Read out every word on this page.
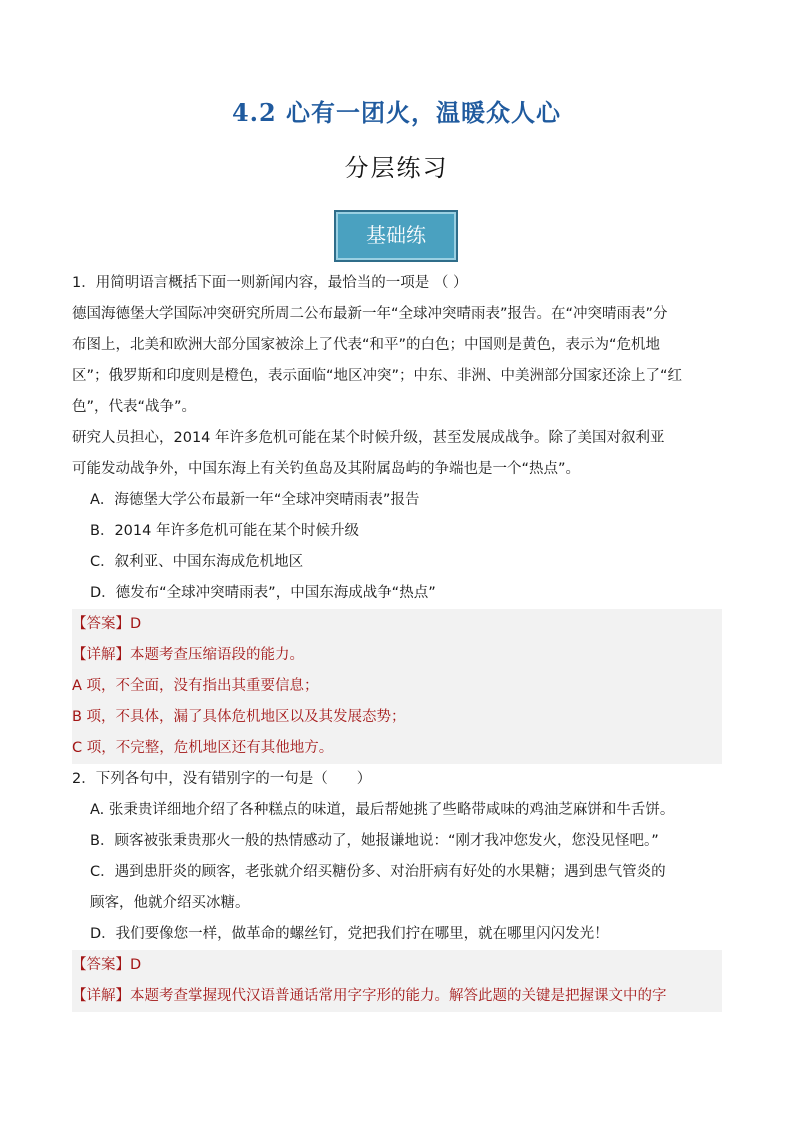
4.2 心有一团火，温暖众人心
分层练习
基础练
1．用简明语言概括下面一则新闻内容，最恰当的一项是 （ ）
德国海德堡大学国际冲突研究所周二公布最新一年“全球冲突晴雨表”报告。在“冲突晴雨表”分
布图上，北美和欧洲大部分国家被涂上了代表“和平”的白色；中国则是黄色，表示为“危机地
区”；俄罗斯和印度则是橙色，表示面临“地区冲突”；中东、非洲、中美洲部分国家还涂上了“红
色”，代表“战争”。
研究人员担心，2014 年许多危机可能在某个时候升级，甚至发展成战争。除了美国对叙利亚
可能发动战争外，中国东海上有关钓鱼岛及其附属岛屿的争端也是一个“热点”。
A．海德堡大学公布最新一年“全球冲突晴雨表”报告
B．2014 年许多危机可能在某个时候升级
C．叙利亚、中国东海成危机地区
D．德发布“全球冲突晴雨表”，中国东海成战争“热点”
【答案】D
【详解】本题考查压缩语段的能力。
A 项，不全面，没有指出其重要信息；
B 项，不具体，漏了具体危机地区以及其发展态势；
C 项，不完整，危机地区还有其他地方。
2．下列各句中，没有错别字的一句是（　　）
A. 张秉贵详细地介绍了各种糕点的味道，最后帮她挑了些略带咸味的鸡油芝麻饼和牛舌饼。
B．顾客被张秉贵那火一般的热情感动了，她报谦地说：“刚才我冲您发火，您没见怪吧。”
C．遇到患肝炎的顾客，老张就介绍买糖份多、对治肝病有好处的水果糖；遇到患气管炎的
顾客，他就介绍买冰糖。
D．我们要像您一样，做革命的螺丝钉，党把我们拧在哪里，就在哪里闪闪发光！
【答案】D
【详解】本题考查掌握现代汉语普通话常用字字形的能力。解答此题的关键是把握课文中的字
